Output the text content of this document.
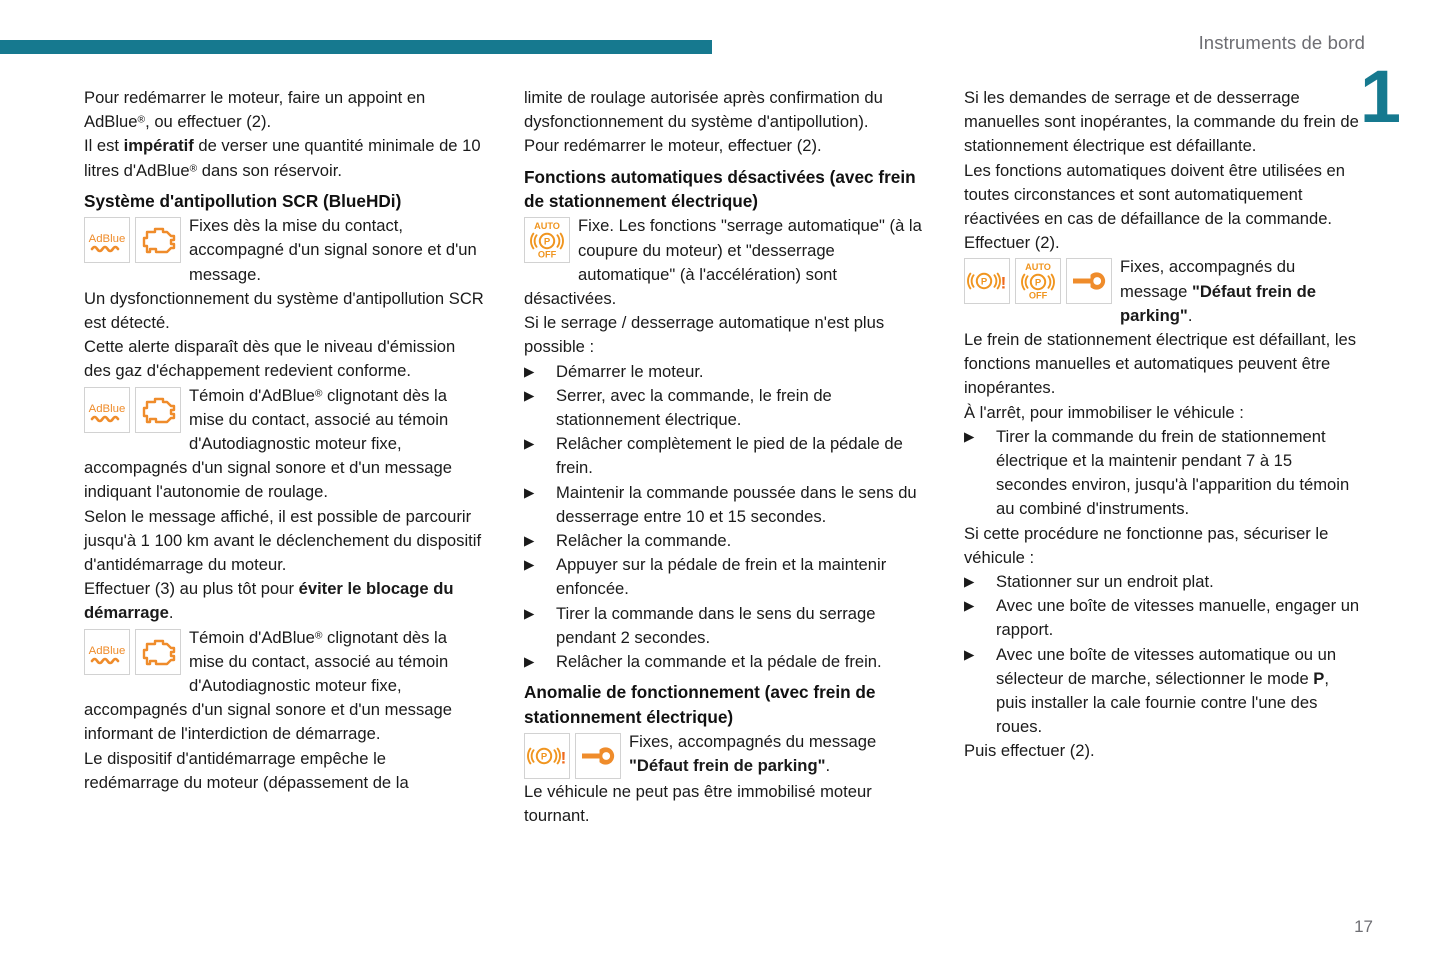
Instruments de bord
1
17

Pour redémarrer le moteur, faire un appoint en AdBlue®, ou effectuer (2).

Il est impératif de verser une quantité minimale de 10 litres d'AdBlue® dans son réservoir.

Système d'antipollution SCR (BlueHDi)
AdBlue

Fixes dès la mise du contact, accompagné d'un signal sonore et d'un message.

Un dysfonctionnement du système d'antipollution SCR est détecté.

Cette alerte disparaît dès que le niveau d'émission des gaz d'échappement redevient conforme.

AdBlue

Témoin d'AdBlue® clignotant dès la mise du contact, associé au témoin d'Autodiagnostic moteur fixe, accompagnés d'un signal sonore et d'un message indiquant l'autonomie de roulage.

Selon le message affiché, il est possible de parcourir jusqu'à 1 100 km avant le déclenchement du dispositif d'antidémarrage du moteur.

Effectuer (3) au plus tôt pour éviter le blocage du démarrage.

AdBlue

Témoin d'AdBlue® clignotant dès la mise du contact, associé au témoin d'Autodiagnostic moteur fixe, accompagnés d'un signal sonore et d'un message informant de l'interdiction de démarrage.

Le dispositif d'antidémarrage empêche le redémarrage du moteur (dépassement de la

limite de roulage autorisée après confirmation du dysfonctionnement du système d'antipollution).

Pour redémarrer le moteur, effectuer (2).

Fonctions automatiques désactivées (avec frein de stationnement électrique)
AUTO
P
OFF

Fixe. Les fonctions "serrage automatique" (à la coupure du moteur) et "desserrage automatique" (à l'accélération) sont désactivées.

Si le serrage / desserrage automatique n'est plus possible :

▶ Démarrer le moteur.

▶ Serrer, avec la commande, le frein de stationnement électrique.

▶ Relâcher complètement le pied de la pédale de frein.

▶ Maintenir la commande poussée dans le sens du desserrage entre 10 et 15 secondes.

▶ Relâcher la commande.

▶ Appuyer sur la pédale de frein et la maintenir enfoncée.

▶ Tirer la commande dans le sens du serrage pendant 2 secondes.

▶ Relâcher la commande et la pédale de frein.

Anomalie de fonctionnement (avec frein de stationnement électrique)
P !

Fixes, accompagnés du message "Défaut frein de parking".

Le véhicule ne peut pas être immobilisé moteur tournant.

Si les demandes de serrage et de desserrage manuelles sont inopérantes, la commande du frein de stationnement électrique est défaillante.

Les fonctions automatiques doivent être utilisées en toutes circonstances et sont automatiquement réactivées en cas de défaillance de la commande.

Effectuer (2).

P !
AUTO
P
OFF

Fixes, accompagnés du message "Défaut frein de parking".

Le frein de stationnement électrique est défaillant, les fonctions manuelles et automatiques peuvent être inopérantes.

À l'arrêt, pour immobiliser le véhicule :

▶ Tirer la commande du frein de stationnement électrique et la maintenir pendant 7 à 15 secondes environ, jusqu'à l'apparition du témoin au combiné d'instruments.

Si cette procédure ne fonctionne pas, sécuriser le véhicule :

▶ Stationner sur un endroit plat.

▶ Avec une boîte de vitesses manuelle, engager un rapport.

▶ Avec une boîte de vitesses automatique ou un sélecteur de marche, sélectionner le mode P, puis installer la cale fournie contre l'une des roues.

Puis effectuer (2).
